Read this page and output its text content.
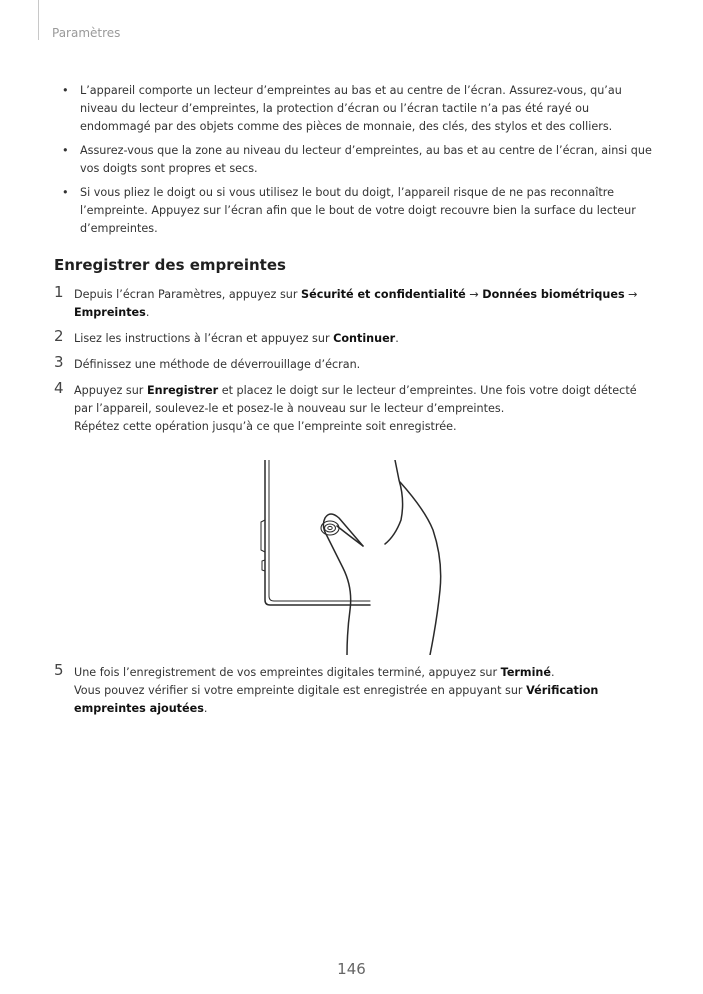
Paramètres
• L’appareil comporte un lecteur d’empreintes au bas et au centre de l’écran. Assurez-vous, qu’au niveau du lecteur d’empreintes, la protection d’écran ou l’écran tactile n’a pas été rayé ou endommagé par des objets comme des pièces de monnaie, des clés, des stylos et des colliers.
• Assurez-vous que la zone au niveau du lecteur d’empreintes, au bas et au centre de l’écran, ainsi que vos doigts sont propres et secs.
• Si vous pliez le doigt ou si vous utilisez le bout du doigt, l’appareil risque de ne pas reconnaître l’empreinte. Appuyez sur l’écran afin que le bout de votre doigt recouvre bien la surface du lecteur d’empreintes.
Enregistrer des empreintes
1 Depuis l’écran Paramètres, appuyez sur Sécurité et confidentialité → Données biométriques → Empreintes.
2 Lisez les instructions à l’écran et appuyez sur Continuer.
3 Définissez une méthode de déverrouillage d’écran.
4 Appuyez sur Enregistrer et placez le doigt sur le lecteur d’empreintes. Une fois votre doigt détecté par l’appareil, soulevez-le et posez-le à nouveau sur le lecteur d’empreintes.
Répétez cette opération jusqu’à ce que l’empreinte soit enregistrée.
5 Une fois l’enregistrement de vos empreintes digitales terminé, appuyez sur Terminé.
Vous pouvez vérifier si votre empreinte digitale est enregistrée en appuyant sur Vérification empreintes ajoutées.
146
